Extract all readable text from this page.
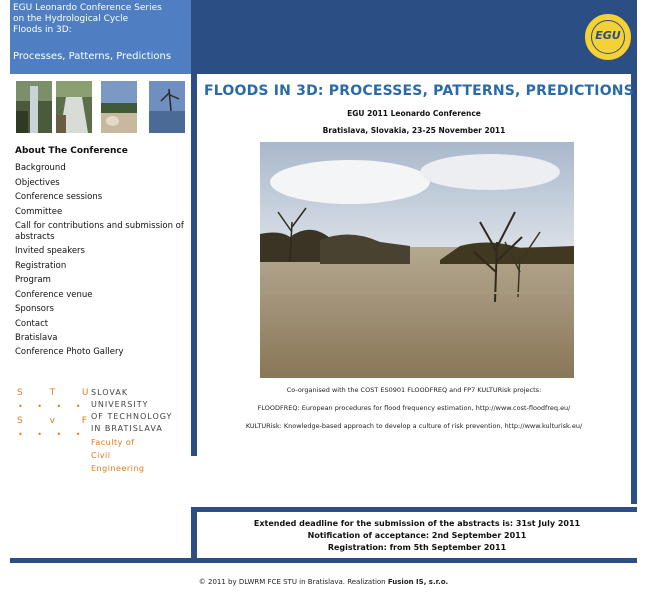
EGU Leonardo Conference Series
on the Hydrological Cycle
Floods in 3D:
Processes, Patterns, Predictions
EGU
About The Conference
Background
Objectives
Conference sessions
Committee
Call for contributions and submission of
abstracts
Invited speakers
Registration
Program
Conference venue
Sponsors
Contact
Bratislava
Conference Photo Gallery
S T U
• • • •
S v F
• • • •
SLOVAK
UNIVERSITY
OF TECHNOLOGY
IN BRATISLAVA
Faculty of
Civil
Engineering
FLOODS IN 3D: PROCESSES, PATTERNS, PREDICTIONS
EGU 2011 Leonardo Conference
Bratislava, Slovakia, 23-25 November 2011
Co-organised with the COST ES0901 FLOODFREQ and FP7 KULTURisk projects:
FLOODFREQ: European procedures for flood frequency estimation, http://www.cost-floodfreq.eu/
KULTURisk: Knowledge-based approach to develop a culture of risk prevention, http://www.kulturisk.eu/
Extended deadline for the submission of the abstracts is: 31st July 2011
Notification of acceptance: 2nd September 2011
Registration: from 5th September 2011
© 2011 by DLWRM FCE STU in Bratislava. Realization Fusion IS, s.r.o.
